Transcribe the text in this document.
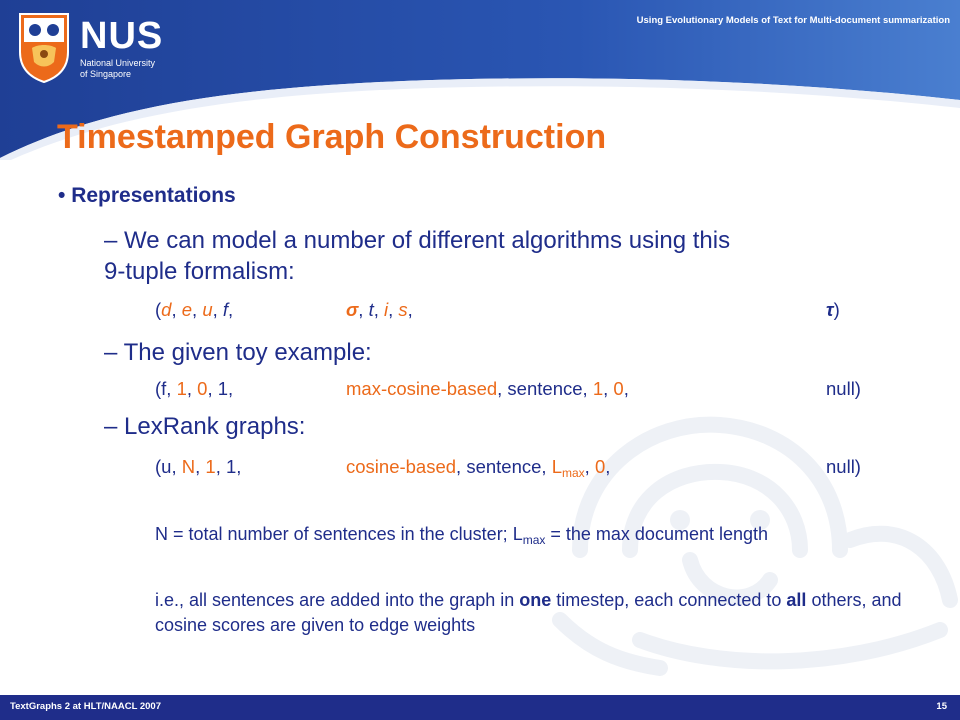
NUS
National University
of Singapore
Using Evolutionary Models of Text for Multi-document summarization
Timestamped Graph Construction
• Representations
– We can model a number of different algorithms using this
9-tuple formalism:
(d, e, u, f,	σ, t, i, s,	τ)
– The given toy example:
(f, 1, 0, 1,	max-cosine-based, sentence, 1, 0,	null)
– LexRank graphs:
(u, N, 1, 1,	cosine-based, sentence, $L_{max}$, 0,	null)
N = total number of sentences in the cluster; $L_{max}$ = the max document length
i.e., all sentences are added into the graph in one timestep, each connected to all others, and cosine scores are given to edge weights
TextGraphs 2 at HLT/NAACL 2007	15
